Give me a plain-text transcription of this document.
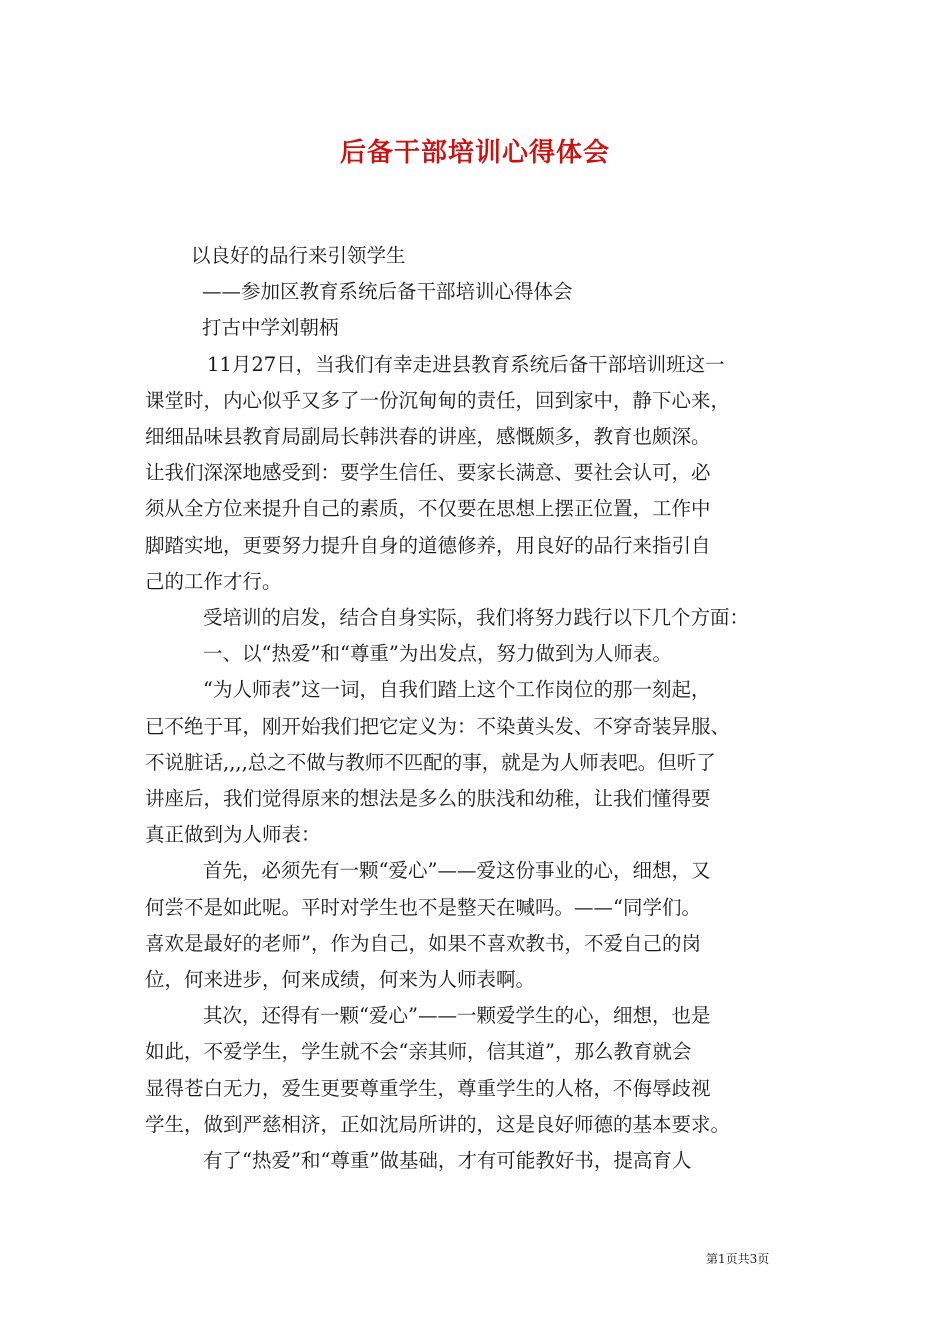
后备干部培训心得体会
以良好的品行来引领学生
——参加区教育系统后备干部培训心得体会
打古中学刘朝柄
11月27日，当我们有幸走进县教育系统后备干部培训班这一
课堂时，内心似乎又多了一份沉甸甸的责任，回到家中，静下心来，
细细品味县教育局副局长韩洪春的讲座，感慨颇多，教育也颇深。
让我们深深地感受到：要学生信任、要家长满意、要社会认可，必
须从全方位来提升自己的素质，不仅要在思想上摆正位置，工作中
脚踏实地，更要努力提升自身的道德修养，用良好的品行来指引自
己的工作才行。
受培训的启发，结合自身实际，我们将努力践行以下几个方面：
一、以“热爱”和“尊重”为出发点，努力做到为人师表。
“为人师表”这一词，自我们踏上这个工作岗位的那一刻起，
已不绝于耳，刚开始我们把它定义为：不染黄头发、不穿奇装异服、
不说脏话,,,,总之不做与教师不匹配的事，就是为人师表吧。但听了
讲座后，我们觉得原来的想法是多么的肤浅和幼稚，让我们懂得要
真正做到为人师表：
首先，必须先有一颗“爱心”——爱这份事业的心，细想，又
何尝不是如此呢。平时对学生也不是整天在喊吗。——“同学们。
喜欢是最好的老师”，作为自己，如果不喜欢教书，不爱自己的岗
位，何来进步，何来成绩，何来为人师表啊。
其次，还得有一颗“爱心”——一颗爱学生的心，细想，也是
如此，不爱学生，学生就不会“亲其师，信其道”，那么教育就会
显得苍白无力，爱生更要尊重学生，尊重学生的人格，不侮辱歧视
学生，做到严慈相济，正如沈局所讲的，这是良好师德的基本要求。
有了“热爱”和“尊重”做基础，才有可能教好书，提高育人
第1页共3页
